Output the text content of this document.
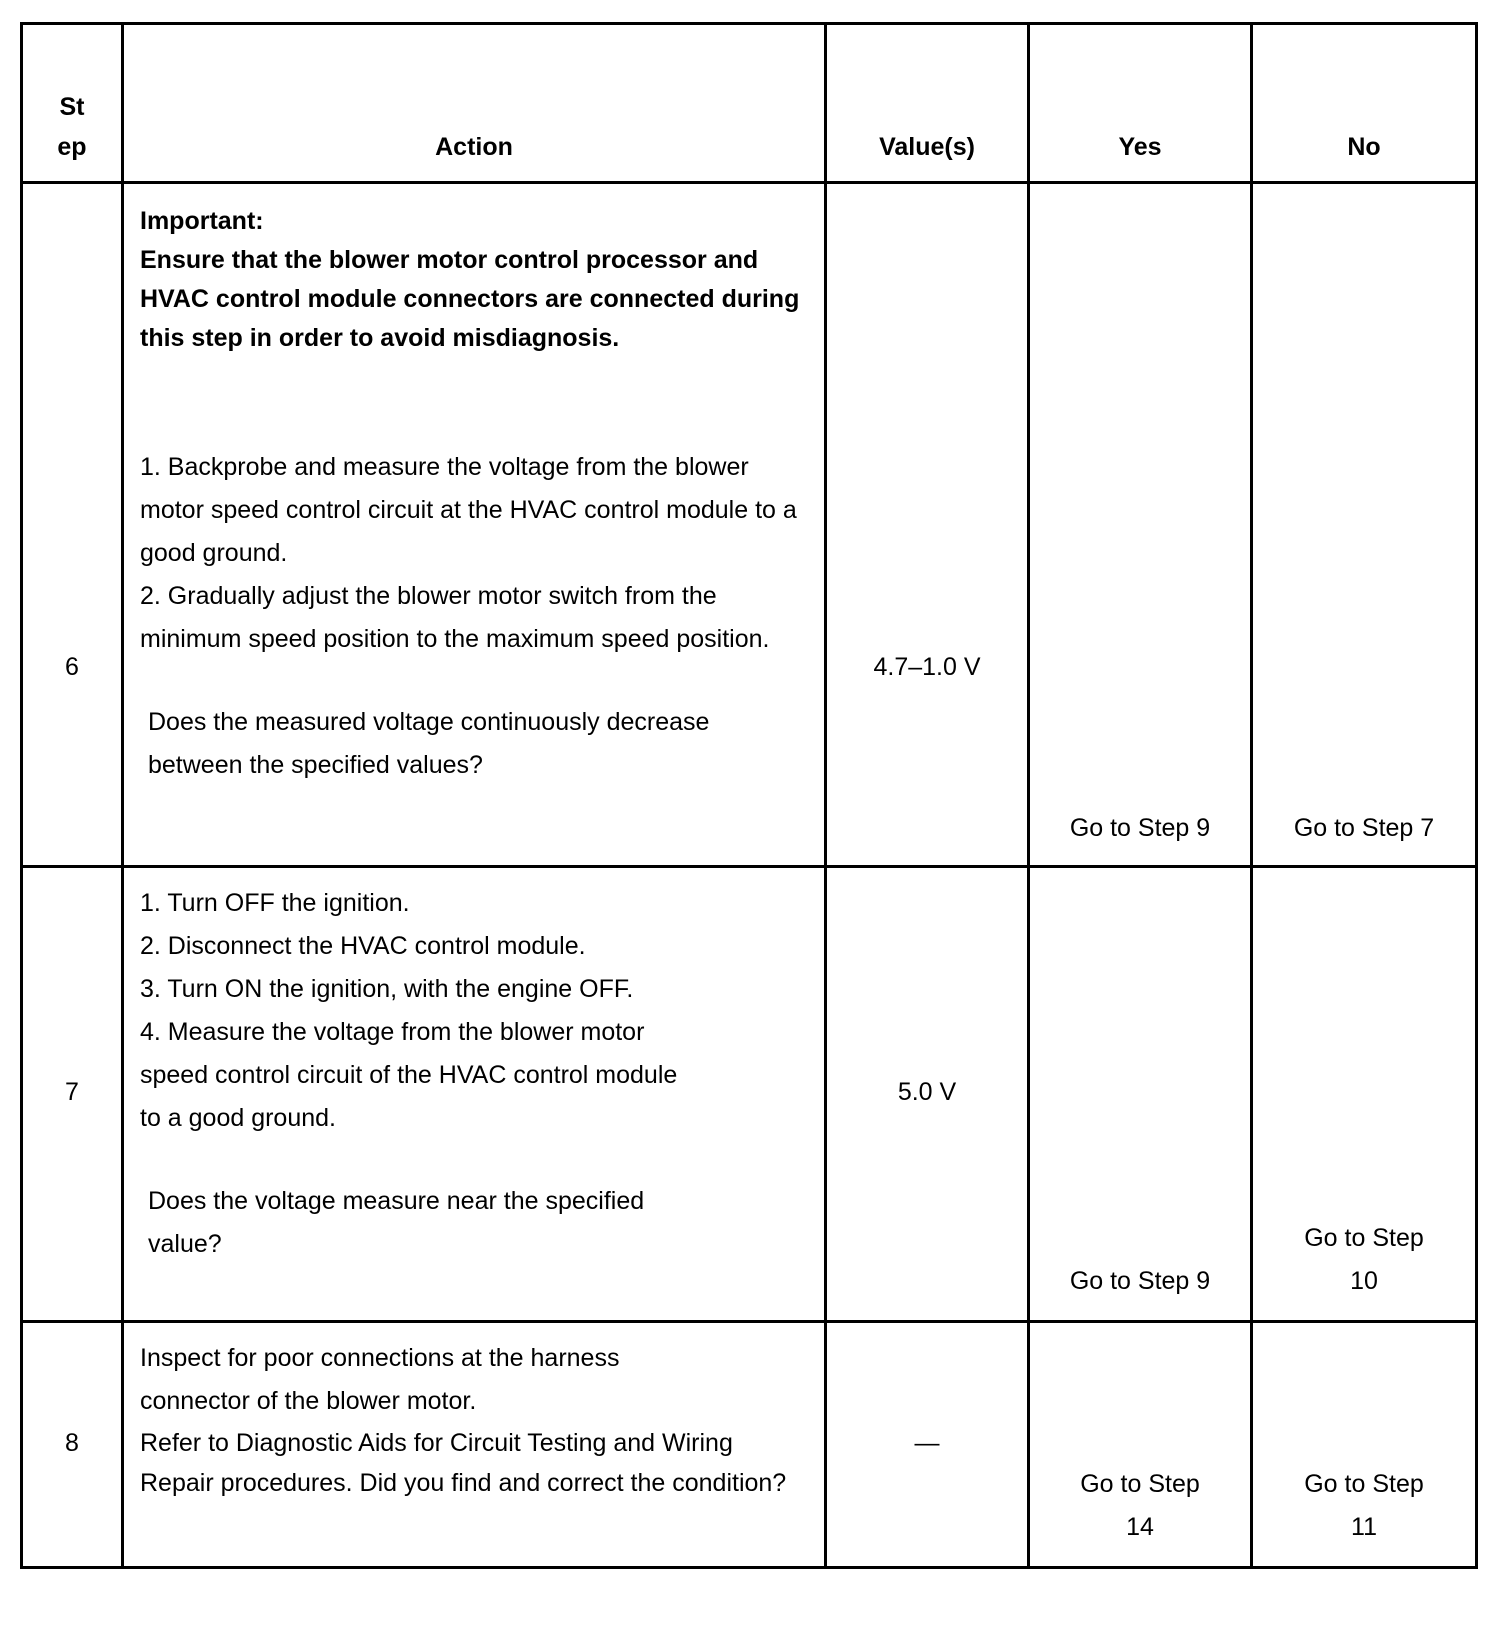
St
ep	Action	Value(s)	Yes	No

6	Important:
Ensure that the blower motor control processor and HVAC control module connectors are connected during this step in order to avoid misdiagnosis.
1. Backprobe and measure the voltage from the blower motor speed control circuit at the HVAC control module to a good ground.
2. Gradually adjust the blower motor switch from the minimum speed position to the maximum speed position.
Does the measured voltage continuously decrease between the specified values?	4.7–1.0 V	Go to Step 9	Go to Step 7

7	1. Turn OFF the ignition.
2. Disconnect the HVAC control module.
3. Turn ON the ignition, with the engine OFF.
4. Measure the voltage from the blower motor speed control circuit of the HVAC control module to a good ground.
Does the voltage measure near the specified value?	5.0 V	Go to Step 9	Go to Step 10

8	Inspect for poor connections at the harness connector of the blower motor.
Refer to Diagnostic Aids for Circuit Testing and Wiring Repair procedures. Did you find and correct the condition?	—	Go to Step 14	Go to Step 11
